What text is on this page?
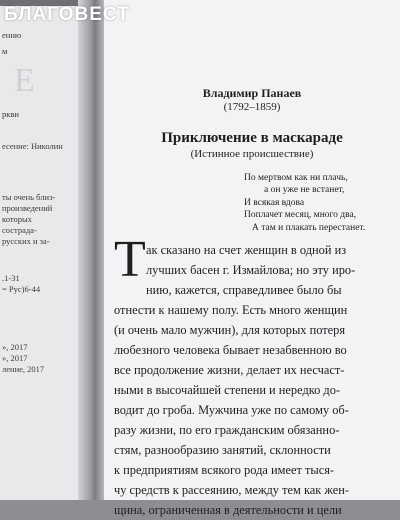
Е
енню
м
ркви
есение: Николин
ты очень близ-
произведений
которых
сострада-
русских и за-
.1-31
= Рус)6-44
», 2017
», 2017
ление, 2017
Владимир Панаев
(1792–1859)
Приключение в маскараде
(Истинное происшествие)
По мертвом как ни плачь,
а он уже не встанет,
И всякая вдова
Поплачет месяц, много два,
А там и плакать перестанет.
Т ак сказано на счет женщин в одной из
лучших басен г. Измайлова; но эту иро-
нию, кажется, справедливее было бы
отнести к нашему полу. Есть много женщин
(и очень мало мужчин), для которых потеря
любезного человека бывает незабвенною во
все продолжение жизни, делает их несчаст-
ными в высочайшей степени и нередко до-
водит до гроба. Мужчина уже по самому об-
разу жизни, по его гражданским обязанно-
стям, разнообразию занятий, склонности
к предприятиям всякого рода имеет тыся-
чу средств к рассеянию, между тем как жен-
щина, ограниченная в деятельности и цели
БЛАГОВЕСТ
